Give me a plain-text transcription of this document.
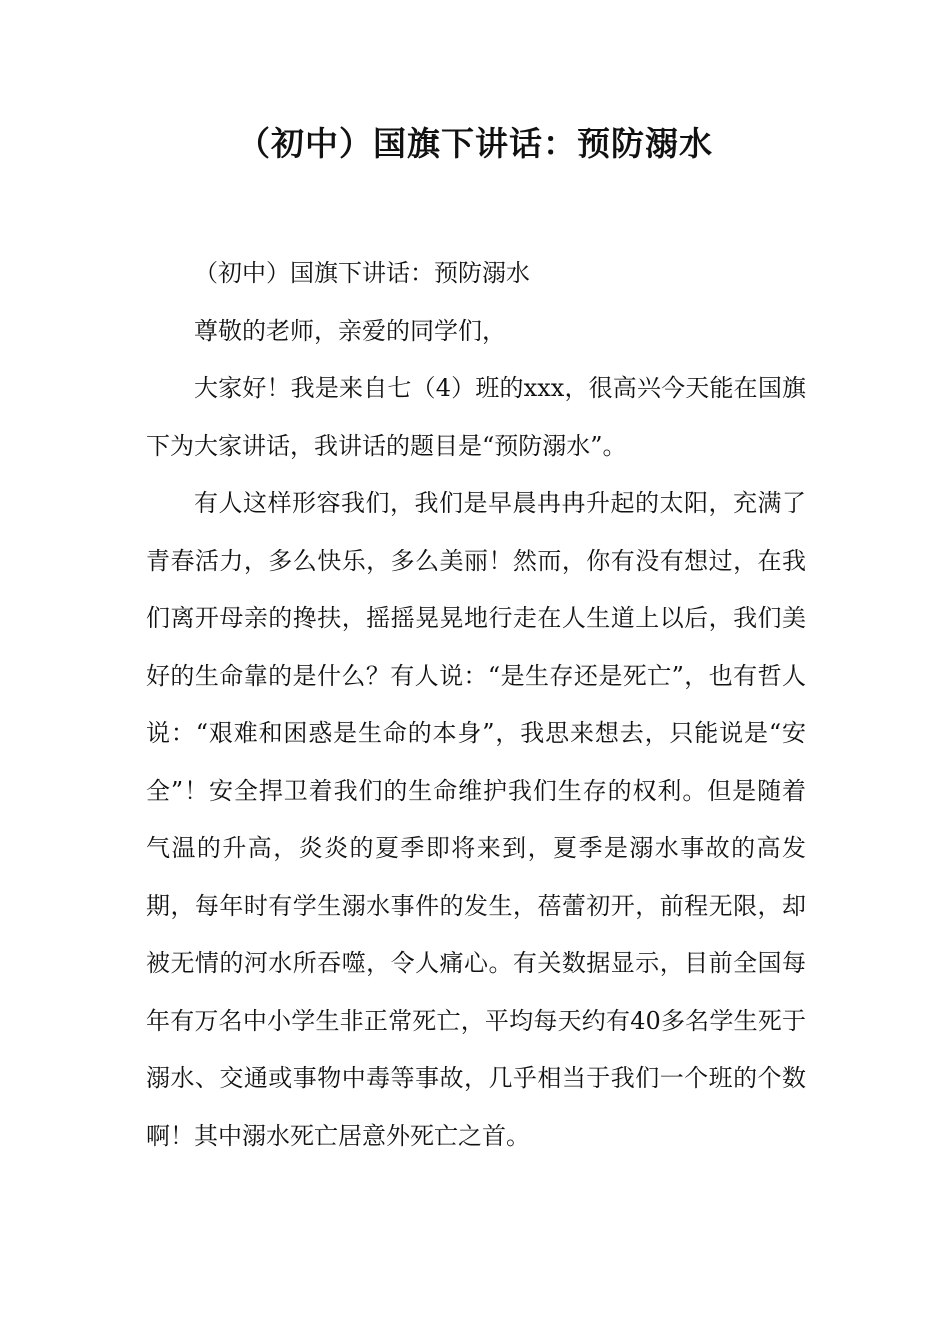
（初中）国旗下讲话：预防溺水

（初中）国旗下讲话：预防溺水

尊敬的老师，亲爱的同学们，

大家好！我是来自七（4）班的xxx，很高兴今天能在国旗下为大家讲话，我讲话的题目是“预防溺水”。

有人这样形容我们，我们是早晨冉冉升起的太阳，充满了青春活力，多么快乐，多么美丽！然而，你有没有想过，在我们离开母亲的搀扶，摇摇晃晃地行走在人生道上以后，我们美好的生命靠的是什么？有人说：“是生存还是死亡”，也有哲人说：“艰难和困惑是生命的本身”，我思来想去，只能说是“安全”！安全捍卫着我们的生命维护我们生存的权利。但是随着气温的升高，炎炎的夏季即将来到，夏季是溺水事故的高发期，每年时有学生溺水事件的发生，蓓蕾初开，前程无限，却被无情的河水所吞噬，令人痛心。有关数据显示，目前全国每年有万名中小学生非正常死亡，平均每天约有40多名学生死于溺水、交通或事物中毒等事故，几乎相当于我们一个班的个数啊！其中溺水死亡居意外死亡之首。
